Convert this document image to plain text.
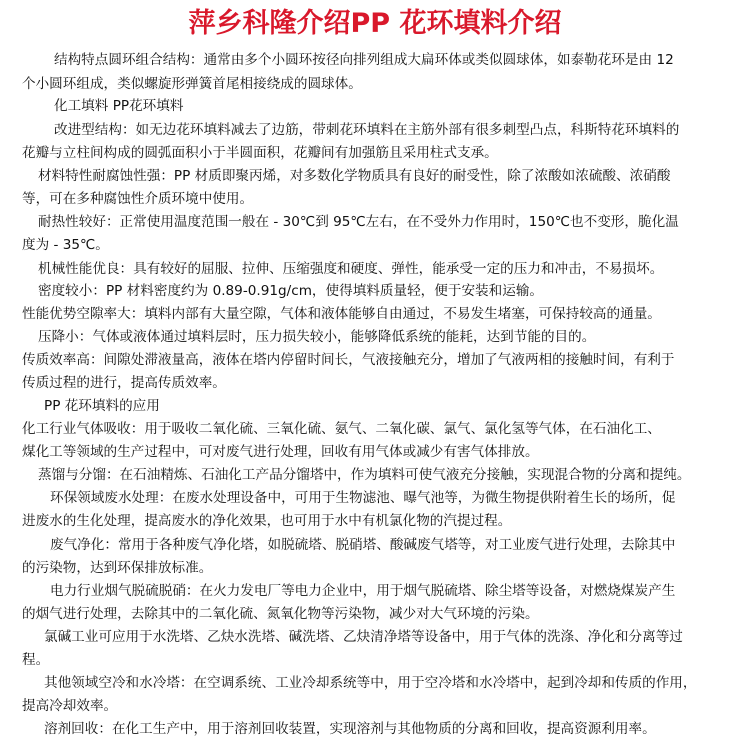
萍乡科隆介绍PP 花环填料介绍
结构特点圆环组合结构：通常由多个小圆环按径向排列组成大扁环体或类似圆球体，如泰勒花环是由 12
个小圆环组成，类似螺旋形弹簧首尾相接绕成的圆球体。
化工填料 PP花环填料
改进型结构：如无边花环填料减去了边筋，带刺花环填料在主筋外部有很多刺型凸点，科斯特花环填料的
花瓣与立柱间构成的圆弧面积小于半圆面积，花瓣间有加强筋且采用柱式支承。
材料特性耐腐蚀性强：PP 材质即聚丙烯，对多数化学物质具有良好的耐受性，除了浓酸如浓硫酸、浓硝酸
等，可在多种腐蚀性介质环境中使用。
耐热性较好：正常使用温度范围一般在 - 30℃到 95℃左右，在不受外力作用时，150℃也不变形，脆化温
度为 - 35℃。
机械性能优良：具有较好的屈服、拉伸、压缩强度和硬度、弹性，能承受一定的压力和冲击，不易损坏。
密度较小：PP 材料密度约为 0.89-0.91g/cm，使得填料质量轻，便于安装和运输。
性能优势空隙率大：填料内部有大量空隙，气体和液体能够自由通过，不易发生堵塞，可保持较高的通量。
压降小：气体或液体通过填料层时，压力损失较小，能够降低系统的能耗，达到节能的目的。
传质效率高：间隙处滞液量高，液体在塔内停留时间长，气液接触充分，增加了气液两相的接触时间，有利于
传质过程的进行，提高传质效率。
PP 花环填料的应用
化工行业气体吸收：用于吸收二氧化硫、三氧化硫、氨气、二氧化碳、氯气、氯化氢等气体，在石油化工、
煤化工等领域的生产过程中，可对废气进行处理，回收有用气体或减少有害气体排放。
蒸馏与分馏：在石油精炼、石油化工产品分馏塔中，作为填料可使气液充分接触，实现混合物的分离和提纯。
环保领域废水处理：在废水处理设备中，可用于生物滤池、曝气池等，为微生物提供附着生长的场所，促
进废水的生化处理，提高废水的净化效果，也可用于水中有机氯化物的汽提过程。
废气净化：常用于各种废气净化塔，如脱硫塔、脱硝塔、酸碱废气塔等，对工业废气进行处理，去除其中
的污染物，达到环保排放标准。
电力行业烟气脱硫脱硝：在火力发电厂等电力企业中，用于烟气脱硫塔、除尘塔等设备，对燃烧煤炭产生
的烟气进行处理，去除其中的二氧化硫、氮氧化物等污染物，减少对大气环境的污染。
氯碱工业可应用于水洗塔、乙炔水洗塔、碱洗塔、乙炔清净塔等设备中，用于气体的洗涤、净化和分离等过
程。
其他领域空冷和水冷塔：在空调系统、工业冷却系统等中，用于空冷塔和水冷塔中，起到冷却和传质的作用，
提高冷却效率。
溶剂回收：在化工生产中，用于溶剂回收装置，实现溶剂与其他物质的分离和回收，提高资源利用率。
